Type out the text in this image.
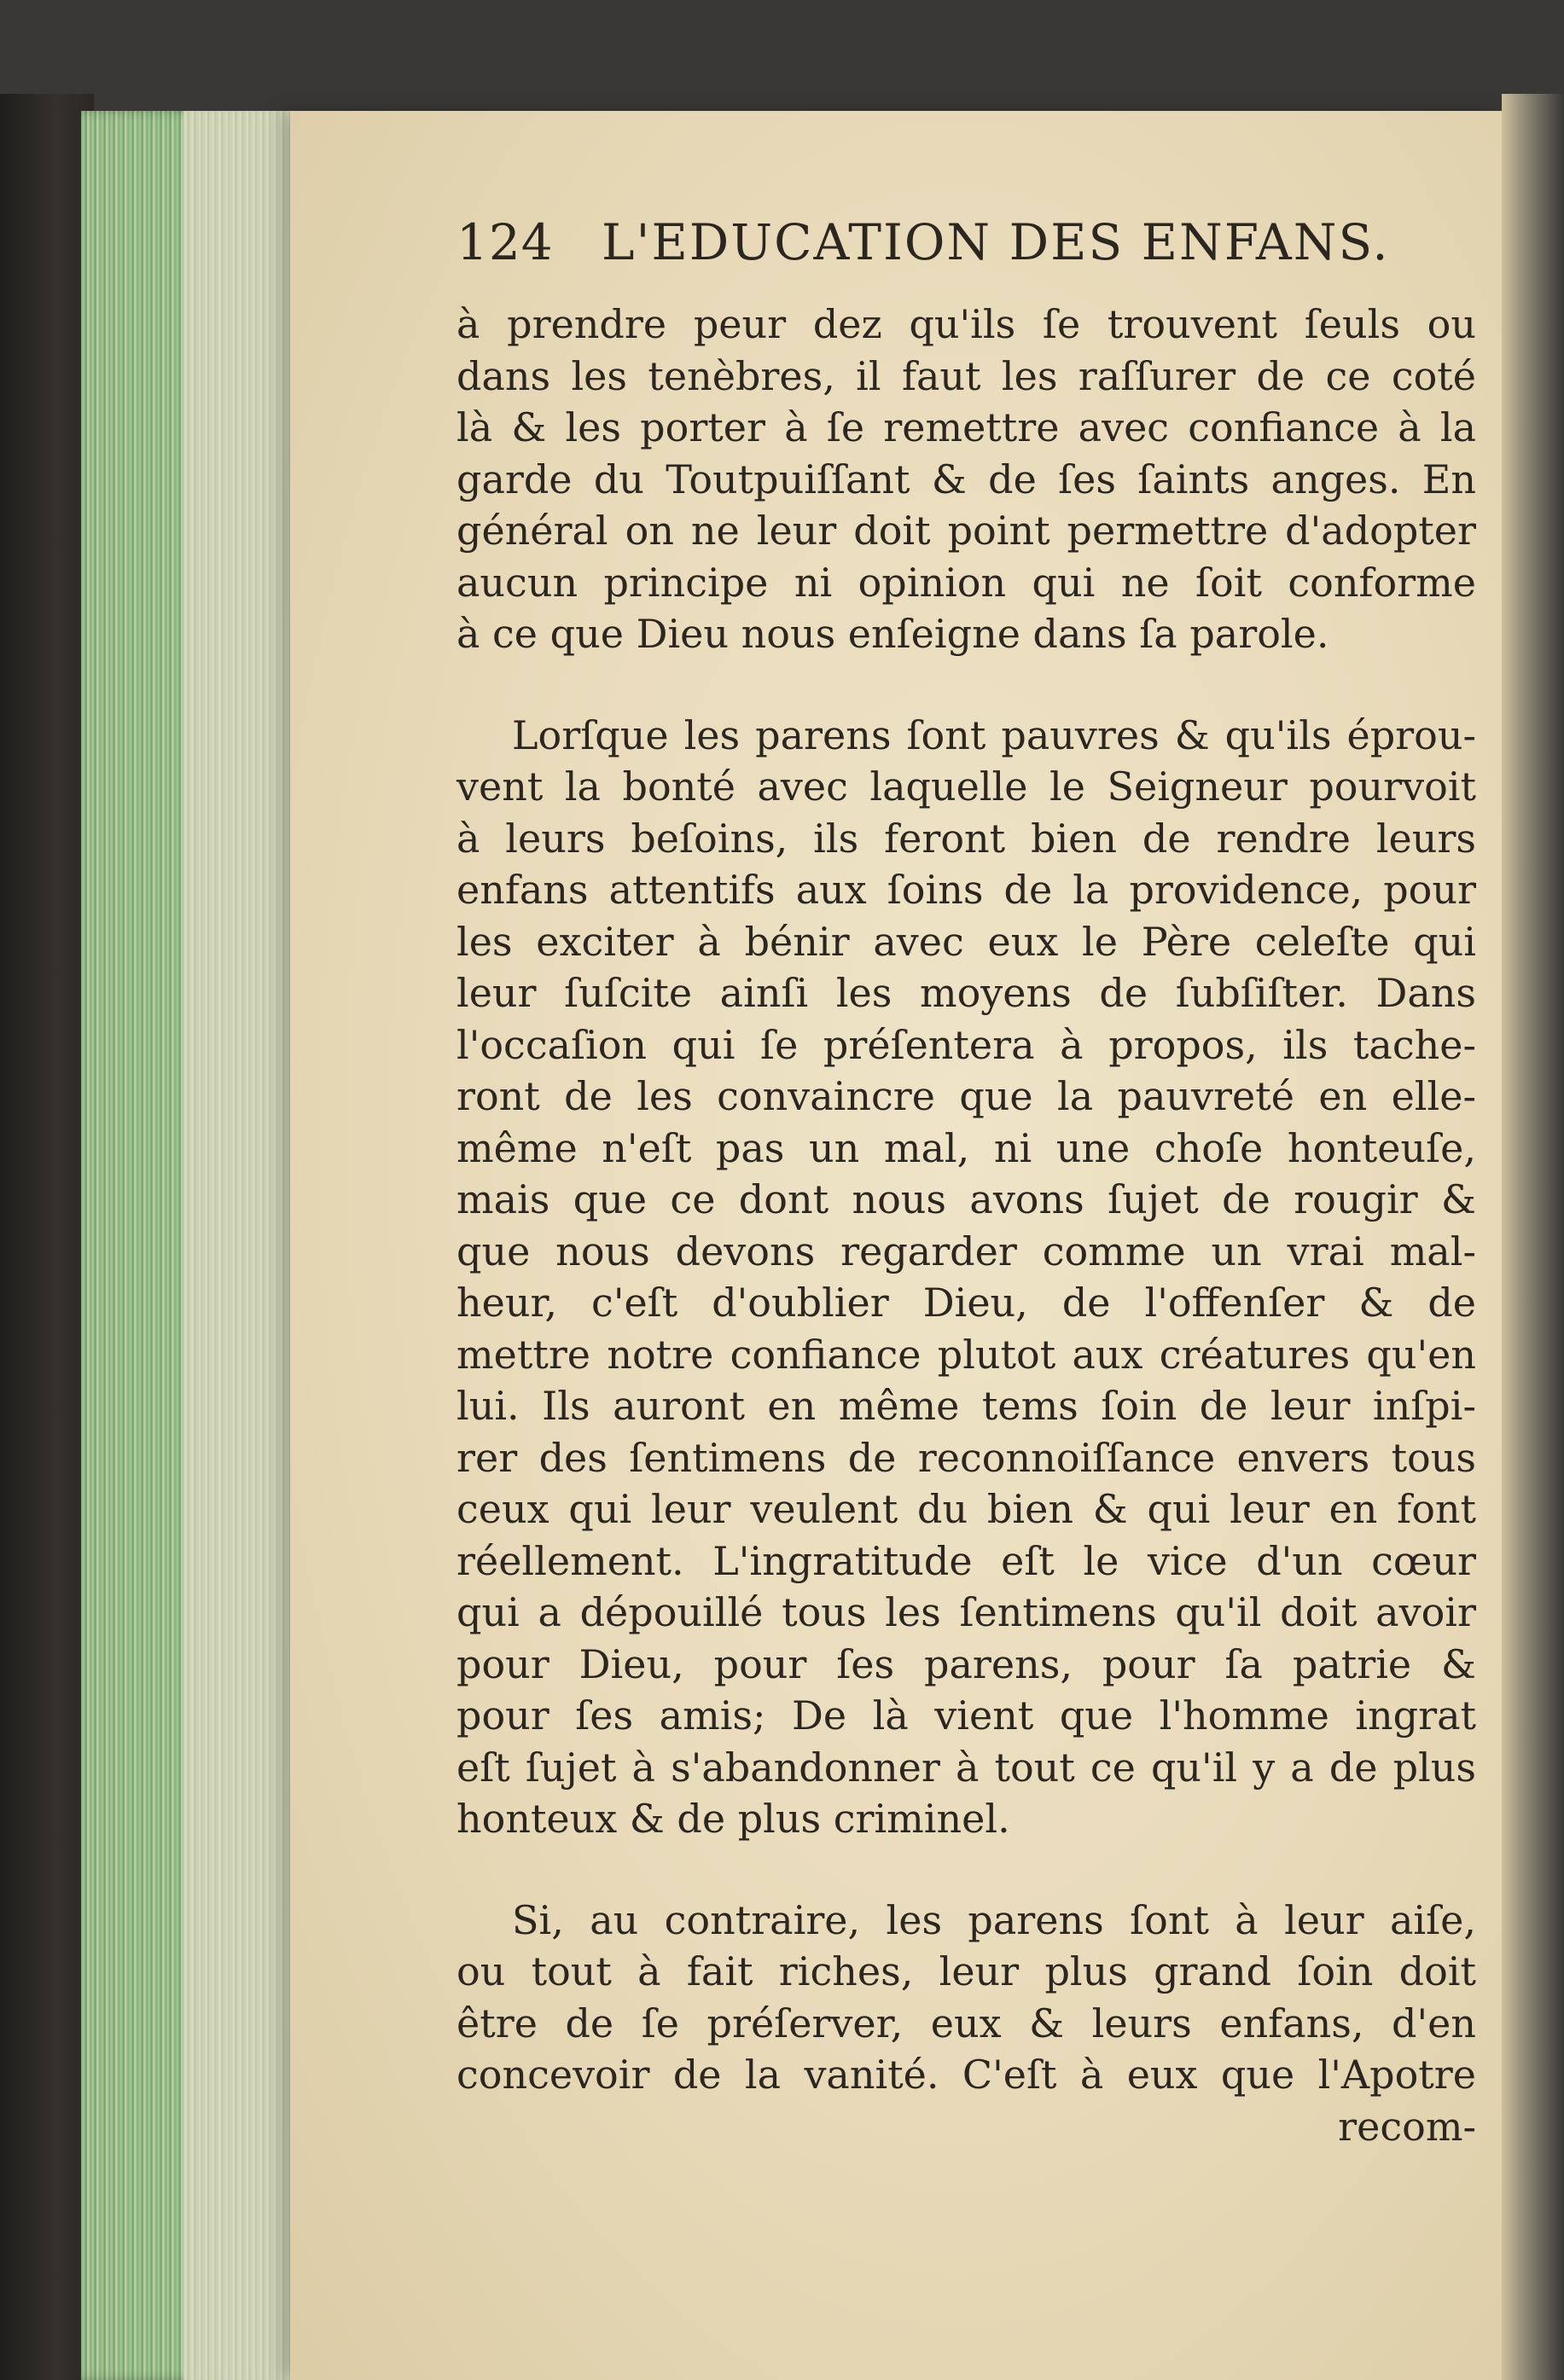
124 L'EDUCATION DES ENFANS.

à prendre peur dez qu'ils ſe trouvent ſeuls ou
dans les tenèbres, il faut les raſſurer de ce coté
là & les porter à ſe remettre avec confiance à la
garde du Toutpuiſſant & de ſes ſaints anges. En
général on ne leur doit point permettre d'adopter
aucun principe ni opinion qui ne ſoit conforme
à ce que Dieu nous enſeigne dans ſa parole.

Lorſque les parens ſont pauvres & qu'ils éprou-
vent la bonté avec laquelle le Seigneur pourvoit
à leurs beſoins, ils feront bien de rendre leurs
enfans attentifs aux ſoins de la providence, pour
les exciter à bénir avec eux le Père celeſte qui
leur ſuſcite ainſi les moyens de ſubſiſter. Dans
l'occaſion qui ſe préſentera à propos, ils tache-
ront de les convaincre que la pauvreté en elle-
même n'eſt pas un mal, ni une choſe honteuſe,
mais que ce dont nous avons ſujet de rougir &
que nous devons regarder comme un vrai mal-
heur, c'eſt d'oublier Dieu, de l'offenſer & de
mettre notre confiance plutot aux créatures qu'en
lui. Ils auront en même tems ſoin de leur inſpi-
rer des ſentimens de reconnoiſſance envers tous
ceux qui leur veulent du bien & qui leur en font
réellement. L'ingratitude eſt le vice d'un cœur
qui a dépouillé tous les ſentimens qu'il doit avoir
pour Dieu, pour ſes parens, pour ſa patrie &
pour ſes amis; De là vient que l'homme ingrat
eſt ſujet à s'abandonner à tout ce qu'il y a de plus
honteux & de plus criminel.

Si, au contraire, les parens ſont à leur aiſe,
ou tout à fait riches, leur plus grand ſoin doit
être de ſe préſerver, eux & leurs enfans, d'en
concevoir de la vanité. C'eſt à eux que l'Apotre

recom-
